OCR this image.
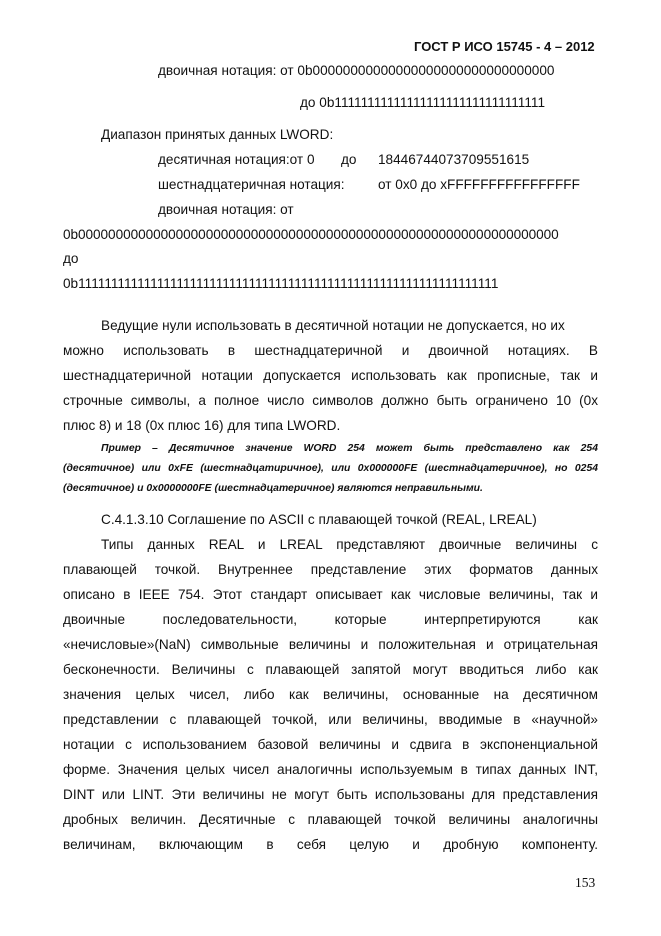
ГОСТ Р ИСО 15745 - 4 – 2012
двоичная нотация: от 0b00000000000000000000000000000000
до 0b11111111111111111111111111111111
Диапазон принятых данных LWORD:
десятичная нотация:от 0 до 18446744073709551615
шестнадцатеричная нотация: от 0x0 до xFFFFFFFFFFFFFFFF
двоичная нотация: от
0b0000000000000000000000000000000000000000000000000000000000000000
до
0b1111111111111111111111111111111111111111111111111111111111111111
Ведущие нули использовать в десятичной нотации не допускается, но их
можно использовать в шестнадцатеричной и двоичной нотациях. В
шестнадцатеричной нотации допускается использовать как прописные, так и
строчные символы, а полное число символов должно быть ограничено 10 (0x
плюс 8) и 18 (0x плюс 16) для типа LWORD.
Пример – Десятичное значение WORD 254 может быть представлено как 254
(десятичное) или 0xFE (шестнадцатиричное), или 0x000000FE (шестнадцатеричное), но 0254
(десятичное) и 0x0000000FE (шестнадцатеричное) являются неправильными.
С.4.1.3.10 Соглашение по ASCII с плавающей точкой (REAL, LREAL)
Типы данных REAL и LREAL представляют двоичные величины с
плавающей точкой. Внутреннее представление этих форматов данных
описано в IEEE 754. Этот стандарт описывает как числовые величины, так и
двоичные последовательности, которые интерпретируются как
«нечисловые»(NaN) символьные величины и положительная и отрицательная
бесконечности. Величины с плавающей запятой могут вводиться либо как
значения целых чисел, либо как величины, основанные на десятичном
представлении с плавающей точкой, или величины, вводимые в «научной»
нотации с использованием базовой величины и сдвига в экспоненциальной
форме. Значения целых чисел аналогичны используемым в типах данных INT,
DINT или LINT. Эти величины не могут быть использованы для представления
дробных величин. Десятичные с плавающей точкой величины аналогичны
величинам, включающим в себя целую и дробную компоненту.
153
